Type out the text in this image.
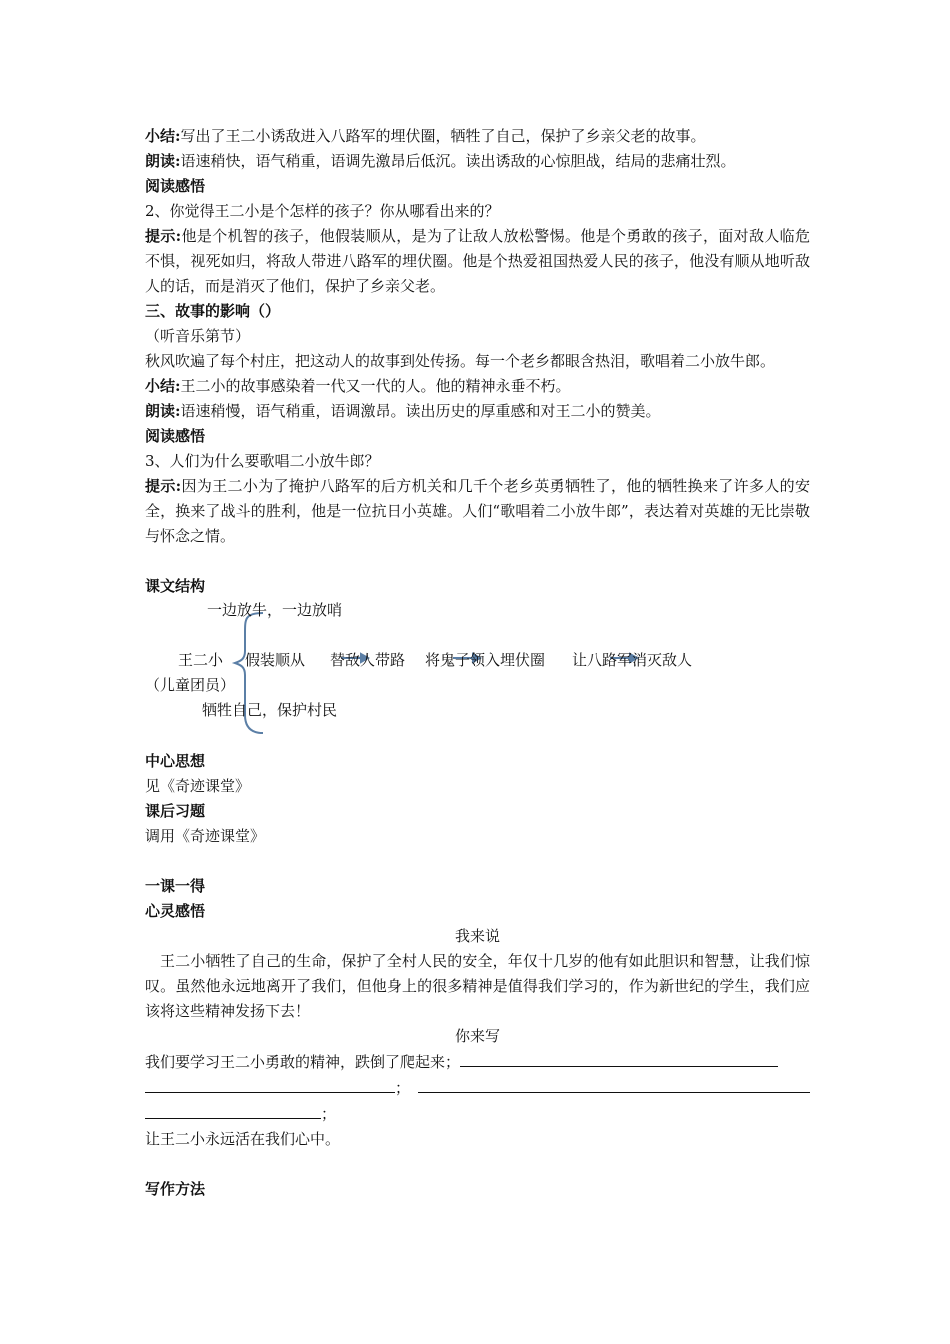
小结:写出了王二小诱敌进入八路军的埋伏圈，牺牲了自己，保护了乡亲父老的故事。
朗读:语速稍快，语气稍重，语调先激昂后低沉。读出诱敌的心惊胆战，结局的悲痛壮烈。
阅读感悟
2、你觉得王二小是个怎样的孩子？你从哪看出来的？
提示:他是个机智的孩子，他假装顺从，是为了让敌人放松警惕。他是个勇敢的孩子，面对敌人临危不惧，视死如归，将敌人带进八路军的埋伏圈。他是个热爱祖国热爱人民的孩子，他没有顺从地听敌人的话，而是消灭了他们，保护了乡亲父老。
三、故事的影响（）
（听音乐第节）
秋风吹遍了每个村庄，把这动人的故事到处传扬。每一个老乡都眼含热泪，歌唱着二小放牛郎。
小结:王二小的故事感染着一代又一代的人。他的精神永垂不朽。
朗读:语速稍慢，语气稍重，语调激昂。读出历史的厚重感和对王二小的赞美。
阅读感悟
3、人们为什么要歌唱二小放牛郎？
提示:因为王二小为了掩护八路军的后方机关和几千个老乡英勇牺牲了，他的牺牲换来了许多人的安全，换来了战斗的胜利，他是一位抗日小英雄。人们“歌唱着二小放牛郎”，表达着对英雄的无比崇敬与怀念之情。
课文结构
一边放牛，一边放哨
王二小
（儿童团员）
假装顺从 替敌人带路 将鬼子领入埋伏圈 让八路军消灭敌人
牺牲自己，保护村民
中心思想
见《奇迹课堂》
课后习题
调用《奇迹课堂》
一课一得
心灵感悟
我来说
王二小牺牲了自己的生命，保护了全村人民的安全，年仅十几岁的他有如此胆识和智慧，让我们惊叹。虽然他永远地离开了我们，但他身上的很多精神是值得我们学习的，作为新世纪的学生，我们应该将这些精神发扬下去！
你来写
我们要学习王二小勇敢的精神，跌倒了爬起来；
；
；
让王二小永远活在我们心中。
写作方法
